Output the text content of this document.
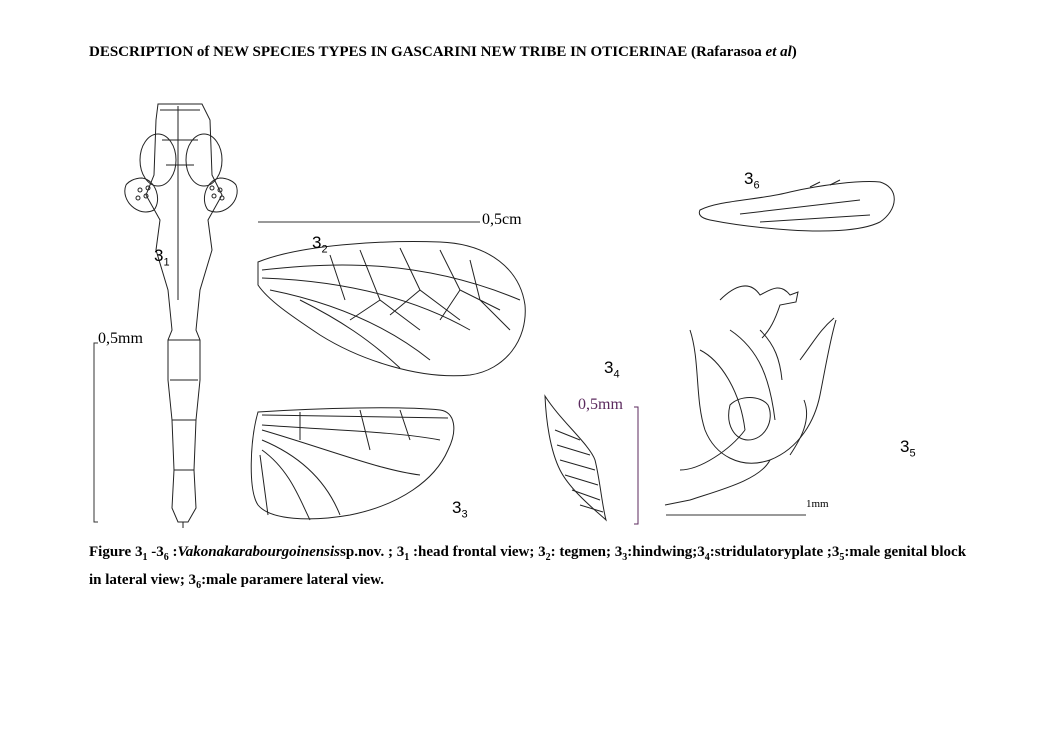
DESCRIPTION of NEW SPECIES TYPES IN GASCARINI NEW TRIBE IN OTICERINAE (Rafarasoa et al)
$3_1$
$3_2$
$3_3$
$3_4$
$3_5$
$3_6$
0,5mm
0,5cm
0,5mm
1mm
Figure $3_1$ $-3_6$ :Vakonakarabourgoinensissp.nov. ; $3_1$ :head frontal view; $3_2$: tegmen; $3_3:hindwing;3_4:stridulatoryplate$ $;3_5:male$ genital block in lateral view; $3_6:male$ paramere lateral view.
